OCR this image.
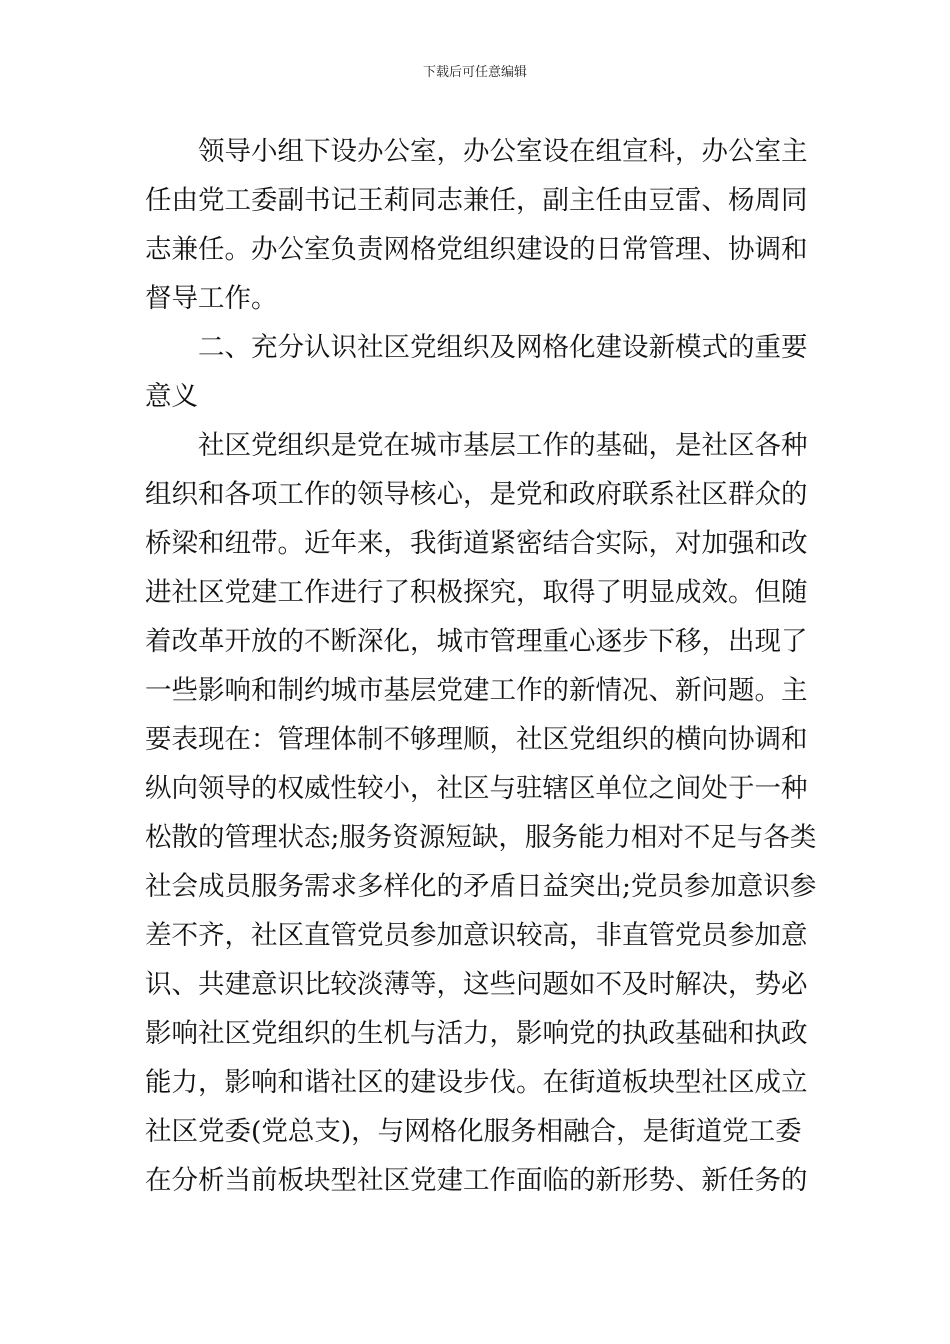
下载后可任意编辑
领导小组下设办公室，办公室设在组宣科，办公室主
任由党工委副书记王莉同志兼任，副主任由豆雷、杨周同
志兼任。办公室负责网格党组织建设的日常管理、协调和
督导工作。
二、充分认识社区党组织及网格化建设新模式的重要
意义
社区党组织是党在城市基层工作的基础，是社区各种
组织和各项工作的领导核心，是党和政府联系社区群众的
桥梁和纽带。近年来，我街道紧密结合实际，对加强和改
进社区党建工作进行了积极探究，取得了明显成效。但随
着改革开放的不断深化，城市管理重心逐步下移，出现了
一些影响和制约城市基层党建工作的新情况、新问题。主
要表现在：管理体制不够理顺，社区党组织的横向协调和
纵向领导的权威性较小，社区与驻辖区单位之间处于一种
松散的管理状态;服务资源短缺，服务能力相对不足与各类
社会成员服务需求多样化的矛盾日益突出;党员参加意识参
差不齐，社区直管党员参加意识较高，非直管党员参加意
识、共建意识比较淡薄等，这些问题如不及时解决，势必
影响社区党组织的生机与活力，影响党的执政基础和执政
能力，影响和谐社区的建设步伐。在街道板块型社区成立
社区党委(党总支)，与网格化服务相融合，是街道党工委
在分析当前板块型社区党建工作面临的新形势、新任务的
